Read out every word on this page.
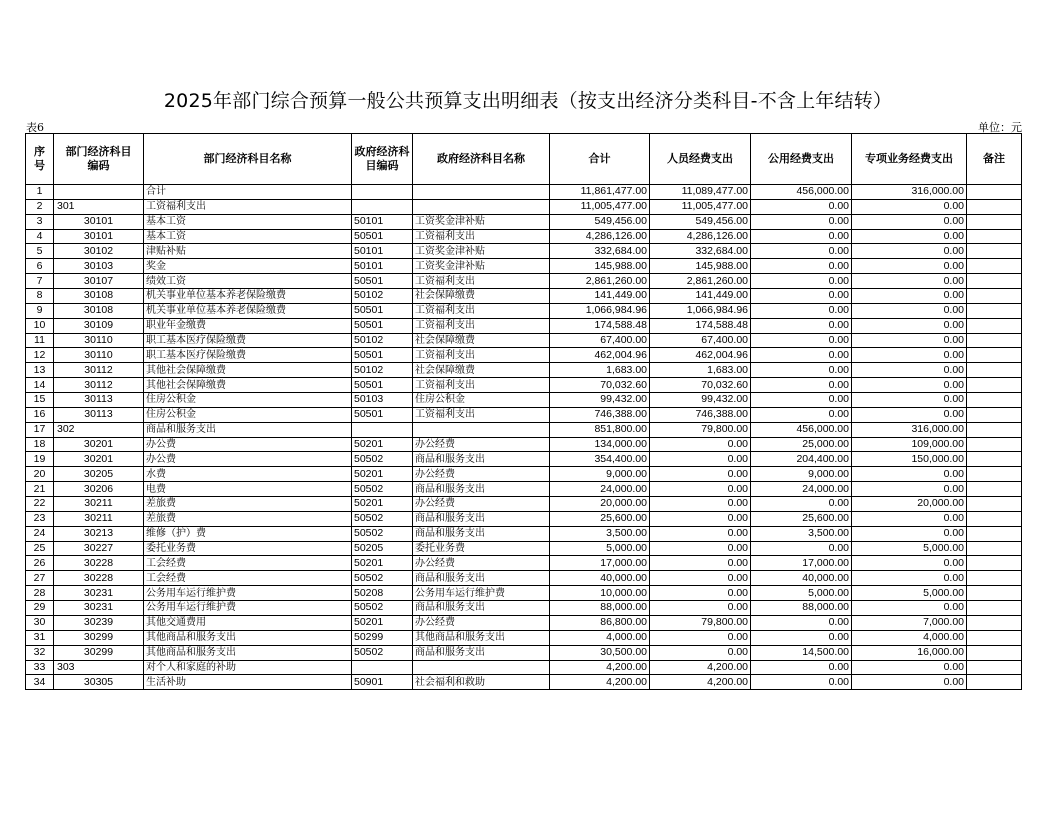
2025年部门综合预算一般公共预算支出明细表（按支出经济分类科目-不含上年结转）
表6	单位：元
序号	部门经济科目编码	部门经济科目名称	政府经济科目编码	政府经济科目名称	合计	人员经费支出	公用经费支出	专项业务经费支出	备注
1		合计			11,861,477.00	11,089,477.00	456,000.00	316,000.00	
2	301	工资福利支出			11,005,477.00	11,005,477.00	0.00	0.00	
3	30101	基本工资	50101	工资奖金津补贴	549,456.00	549,456.00	0.00	0.00	
4	30101	基本工资	50501	工资福利支出	4,286,126.00	4,286,126.00	0.00	0.00	
5	30102	津贴补贴	50101	工资奖金津补贴	332,684.00	332,684.00	0.00	0.00	
6	30103	奖金	50101	工资奖金津补贴	145,988.00	145,988.00	0.00	0.00	
7	30107	绩效工资	50501	工资福利支出	2,861,260.00	2,861,260.00	0.00	0.00	
8	30108	机关事业单位基本养老保险缴费	50102	社会保障缴费	141,449.00	141,449.00	0.00	0.00	
9	30108	机关事业单位基本养老保险缴费	50501	工资福利支出	1,066,984.96	1,066,984.96	0.00	0.00	
10	30109	职业年金缴费	50501	工资福利支出	174,588.48	174,588.48	0.00	0.00	
11	30110	职工基本医疗保险缴费	50102	社会保障缴费	67,400.00	67,400.00	0.00	0.00	
12	30110	职工基本医疗保险缴费	50501	工资福利支出	462,004.96	462,004.96	0.00	0.00	
13	30112	其他社会保障缴费	50102	社会保障缴费	1,683.00	1,683.00	0.00	0.00	
14	30112	其他社会保障缴费	50501	工资福利支出	70,032.60	70,032.60	0.00	0.00	
15	30113	住房公积金	50103	住房公积金	99,432.00	99,432.00	0.00	0.00	
16	30113	住房公积金	50501	工资福利支出	746,388.00	746,388.00	0.00	0.00	
17	302	商品和服务支出			851,800.00	79,800.00	456,000.00	316,000.00	
18	30201	办公费	50201	办公经费	134,000.00	0.00	25,000.00	109,000.00	
19	30201	办公费	50502	商品和服务支出	354,400.00	0.00	204,400.00	150,000.00	
20	30205	水费	50201	办公经费	9,000.00	0.00	9,000.00	0.00	
21	30206	电费	50502	商品和服务支出	24,000.00	0.00	24,000.00	0.00	
22	30211	差旅费	50201	办公经费	20,000.00	0.00	0.00	20,000.00	
23	30211	差旅费	50502	商品和服务支出	25,600.00	0.00	25,600.00	0.00	
24	30213	维修（护）费	50502	商品和服务支出	3,500.00	0.00	3,500.00	0.00	
25	30227	委托业务费	50205	委托业务费	5,000.00	0.00	0.00	5,000.00	
26	30228	工会经费	50201	办公经费	17,000.00	0.00	17,000.00	0.00	
27	30228	工会经费	50502	商品和服务支出	40,000.00	0.00	40,000.00	0.00	
28	30231	公务用车运行维护费	50208	公务用车运行维护费	10,000.00	0.00	5,000.00	5,000.00	
29	30231	公务用车运行维护费	50502	商品和服务支出	88,000.00	0.00	88,000.00	0.00	
30	30239	其他交通费用	50201	办公经费	86,800.00	79,800.00	0.00	7,000.00	
31	30299	其他商品和服务支出	50299	其他商品和服务支出	4,000.00	0.00	0.00	4,000.00	
32	30299	其他商品和服务支出	50502	商品和服务支出	30,500.00	0.00	14,500.00	16,000.00	
33	303	对个人和家庭的补助			4,200.00	4,200.00	0.00	0.00	
34	30305	生活补助	50901	社会福利和救助	4,200.00	4,200.00	0.00	0.00	
